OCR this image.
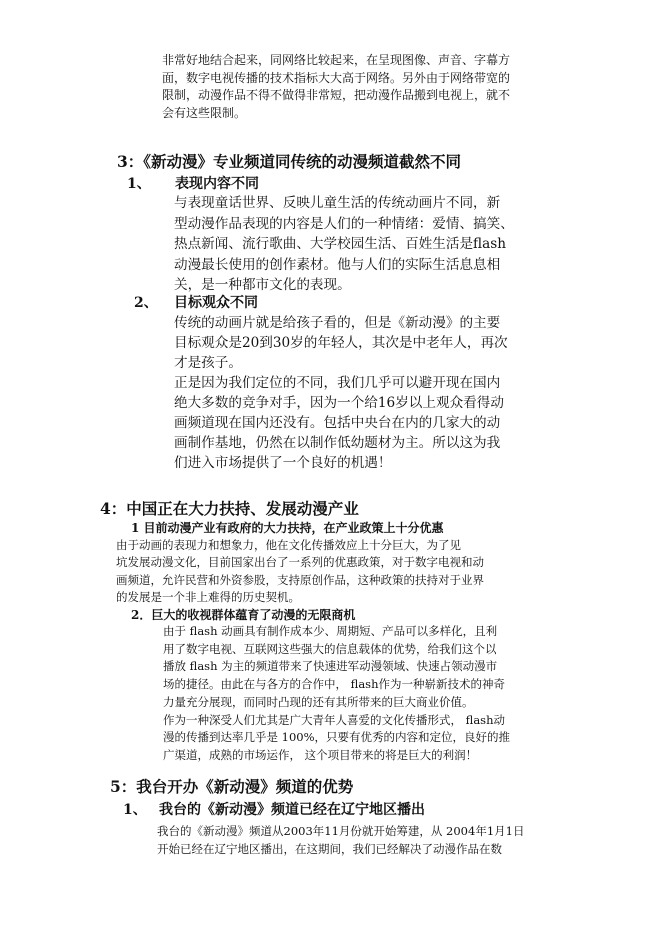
非常好地结合起来，同网络比较起来，在呈现图像、声音、字幕方
面，数字电视传播的技术指标大大高于网络。另外由于网络带宽的
限制，动漫作品不得不做得非常短，把动漫作品搬到电视上，就不
会有这些限制。
3：《新动漫》专业频道同传统的动漫频道截然不同
1、 表现内容不同
与表现童话世界、反映儿童生活的传统动画片不同，新
型动漫作品表现的内容是人们的一种情绪：爱情、搞笑、
热点新闻、流行歌曲、大学校园生活、百姓生活是flash
动漫最长使用的创作素材。他与人们的实际生活息息相
关，是一种都市文化的表现。
2、 目标观众不同
传统的动画片就是给孩子看的，但是《新动漫》的主要
目标观众是20到30岁的年轻人，其次是中老年人，再次
才是孩子。
正是因为我们定位的不同，我们几乎可以避开现在国内
绝大多数的竞争对手，因为一个给16岁以上观众看得动
画频道现在国内还没有。包括中央台在内的几家大的动
画制作基地，仍然在以制作低幼题材为主。所以这为我
们进入市场提供了一个良好的机遇！
4：中国正在大力扶持、发展动漫产业
1 目前动漫产业有政府的大力扶持，在产业政策上十分优惠
由于动画的表现力和想象力，他在文化传播效应上十分巨大，为了见
坑发展动漫文化，目前国家出台了一系列的优惠政策，对于数字电视和动
画频道，允许民营和外资参股，支持原创作品，这种政策的扶持对于业界
的发展是一个非上难得的历史契机。
2．巨大的收视群体蕴育了动漫的无限商机
由于 flash 动画具有制作成本少、周期短、产品可以多样化，且利
用了数字电视、互联网这些强大的信息载体的优势，给我们这个以
播放 flash 为主的频道带来了快速进军动漫领域、快速占领动漫市
场的捷径。由此在与各方的合作中， flash作为一种崭新技术的神奇
力量充分展现，而同时凸现的还有其所带来的巨大商业价值。
作为一种深受人们尤其是广大青年人喜爱的文化传播形式， flash动
漫的传播到达率几乎是 100%，只要有优秀的内容和定位，良好的推
广渠道，成熟的市场运作， 这个项目带来的将是巨大的利润！
5：我台开办《新动漫》频道的优势
1、 我台的《新动漫》频道已经在辽宁地区播出
我台的《新动漫》频道从2003年11月份就开始筹建，从 2004年1月1日
开始已经在辽宁地区播出，在这期间，我们已经解决了动漫作品在数
